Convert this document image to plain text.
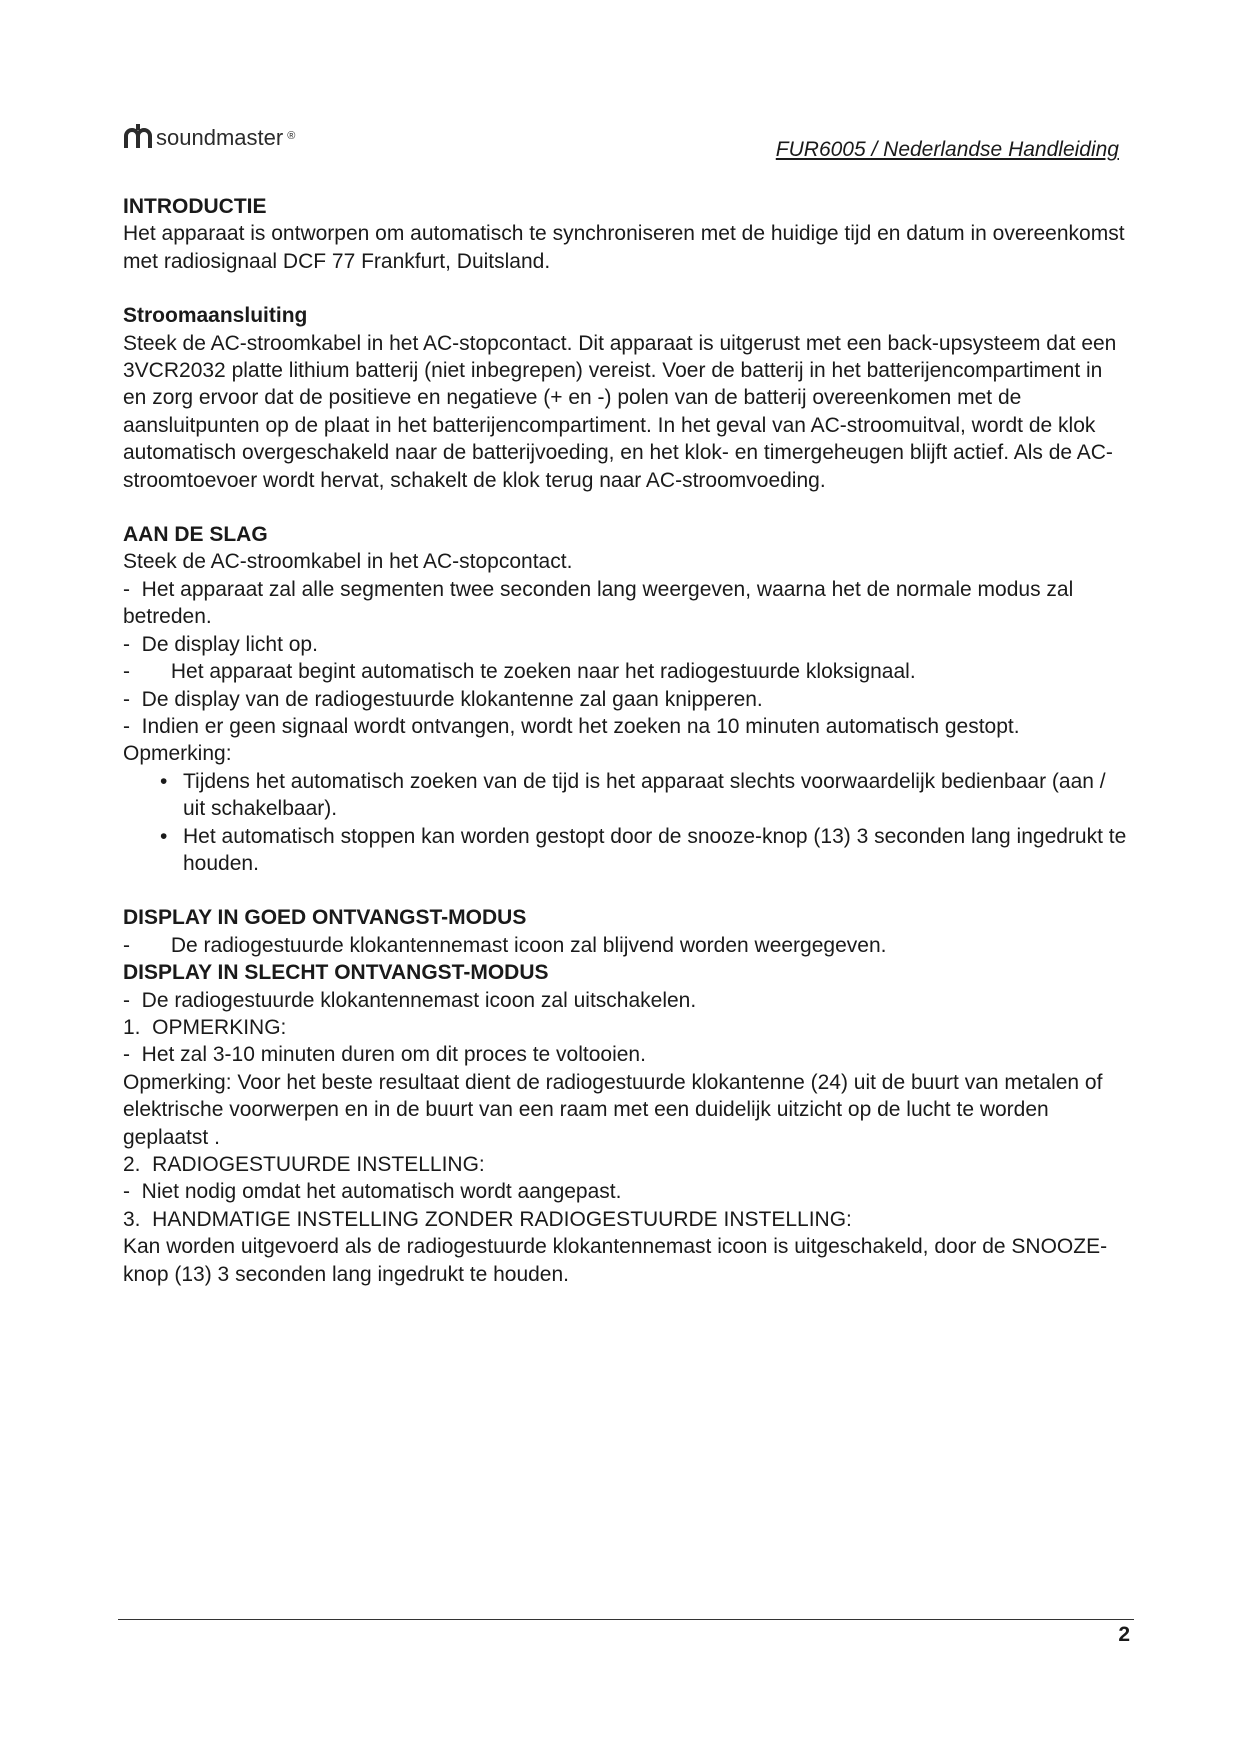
soundmaster ®
FUR6005 / Nederlandse Handleiding
INTRODUCTIE

Het apparaat is ontworpen om automatisch te synchroniseren met de huidige tijd en datum in overeenkomst met radiosignaal DCF 77 Frankfurt, Duitsland.

Stroomaansluiting

Steek de AC-stroomkabel in het AC-stopcontact. Dit apparaat is uitgerust met een back-upsysteem dat een 3VCR2032 platte lithium batterij (niet inbegrepen) vereist. Voer de batterij in het batterijencompartiment in en zorg ervoor dat de positieve en negatieve (+ en -) polen van de batterij overeenkomen met de aansluitpunten op de plaat in het batterijencompartiment. In het geval van AC-stroomuitval, wordt de klok automatisch overgeschakeld naar de batterijvoeding, en het klok- en timergeheugen blijft actief. Als de AC-stroomtoevoer wordt hervat, schakelt de klok terug naar AC-stroomvoeding.

AAN DE SLAG

Steek de AC-stroomkabel in het AC-stopcontact.

-  Het apparaat zal alle segmenten twee seconden lang weergeven, waarna het de normale modus zal betreden.
-  De display licht op.
-       Het apparaat begint automatisch te zoeken naar het radiogestuurde kloksignaal.
-  De display van de radiogestuurde klokantenne zal gaan knipperen.
-  Indien er geen signaal wordt ontvangen, wordt het zoeken na 10 minuten automatisch gestopt.

Opmerking:

• Tijdens het automatisch zoeken van de tijd is het apparaat slechts voorwaardelijk bedienbaar (aan / uit schakelbaar).
• Het automatisch stoppen kan worden gestopt door de snooze-knop (13) 3 seconden lang ingedrukt te houden.
DISPLAY IN GOED ONTVANGST-MODUS
-       De radiogestuurde klokantennemast icoon zal blijvend worden weergegeven.
DISPLAY IN SLECHT ONTVANGST-MODUS
-  De radiogestuurde klokantennemast icoon zal uitschakelen.

1.  OPMERKING:

-  Het zal 3-10 minuten duren om dit proces te voltooien.

Opmerking: Voor het beste resultaat dient de radiogestuurde klokantenne (24) uit de buurt van metalen of elektrische voorwerpen en in de buurt van een raam met een duidelijk uitzicht op de lucht te worden geplaatst .

2.  RADIOGESTUURDE INSTELLING:

-  Niet nodig omdat het automatisch wordt aangepast.

3.  HANDMATIGE INSTELLING ZONDER RADIOGESTUURDE INSTELLING:

Kan worden uitgevoerd als de radiogestuurde klokantennemast icoon is uitgeschakeld, door de SNOOZE-knop (13) 3 seconden lang ingedrukt te houden.

2
